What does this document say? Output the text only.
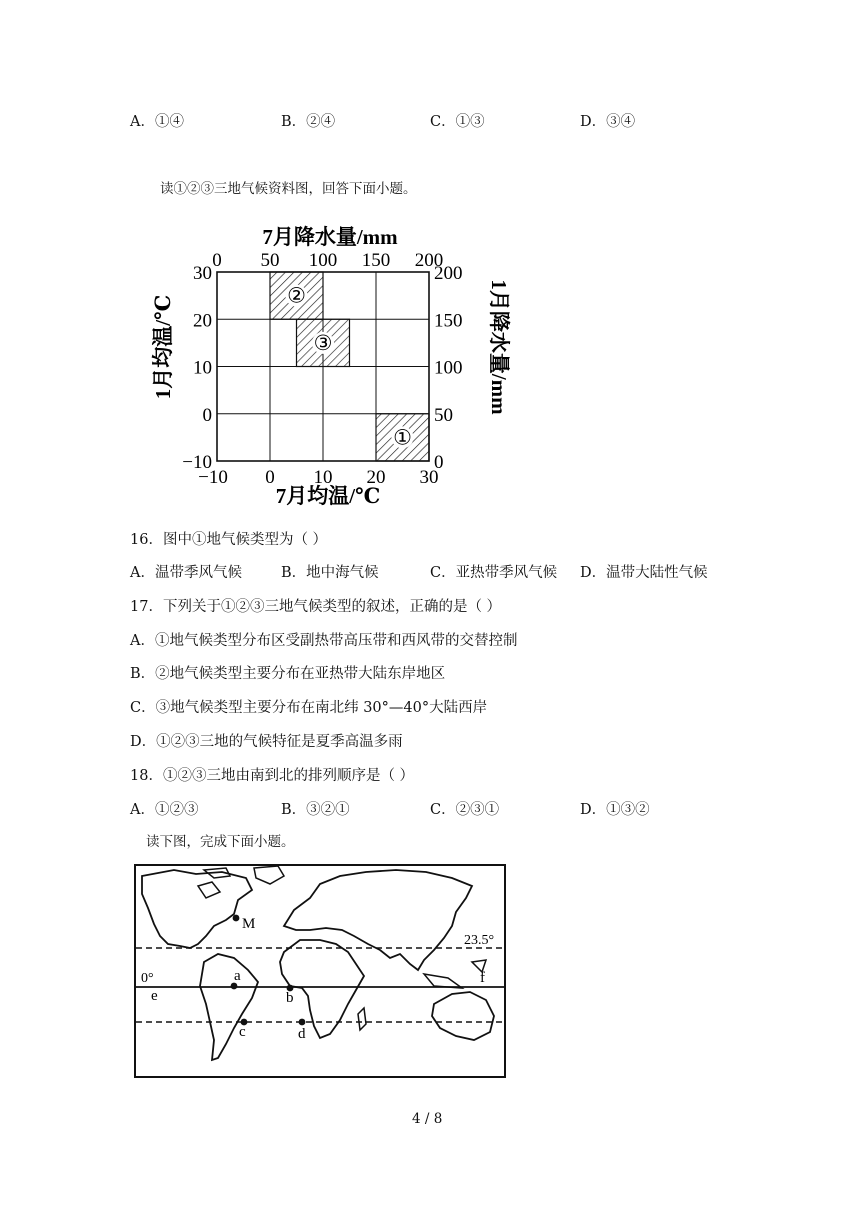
A．①④	B．②④	C．①③	D．③④
读①②③三地气候资料图，回答下面小题。
7月降水量/mm
①
②
③
0 50 100 150 200
−10 0 10 20 30
30
20
10
0
−10
200
150
100
50
0
7月均温/℃
1月均温/℃	1月降水量/mm
16．图中①地气候类型为（ ）
A．温带季风气候	B．地中海气候	C．亚热带季风气候 D．温带大陆性气候
17．下列关于①②③三地气候类型的叙述，正确的是（ ）
A．①地气候类型分布区受副热带高压带和西风带的交替控制
B．②地气候类型主要分布在亚热带大陆东岸地区
C．③地气候类型主要分布在南北纬 30°—40°大陆西岸
D．①②③三地的气候特征是夏季高温多雨
18．①②③三地由南到北的排列顺序是（ ）
A．①②③	B．③②①	C．②③①	D．①③②
读下图，完成下面小题。
M
23.5°
0°	a	f
e	b
c	d
4 / 8
